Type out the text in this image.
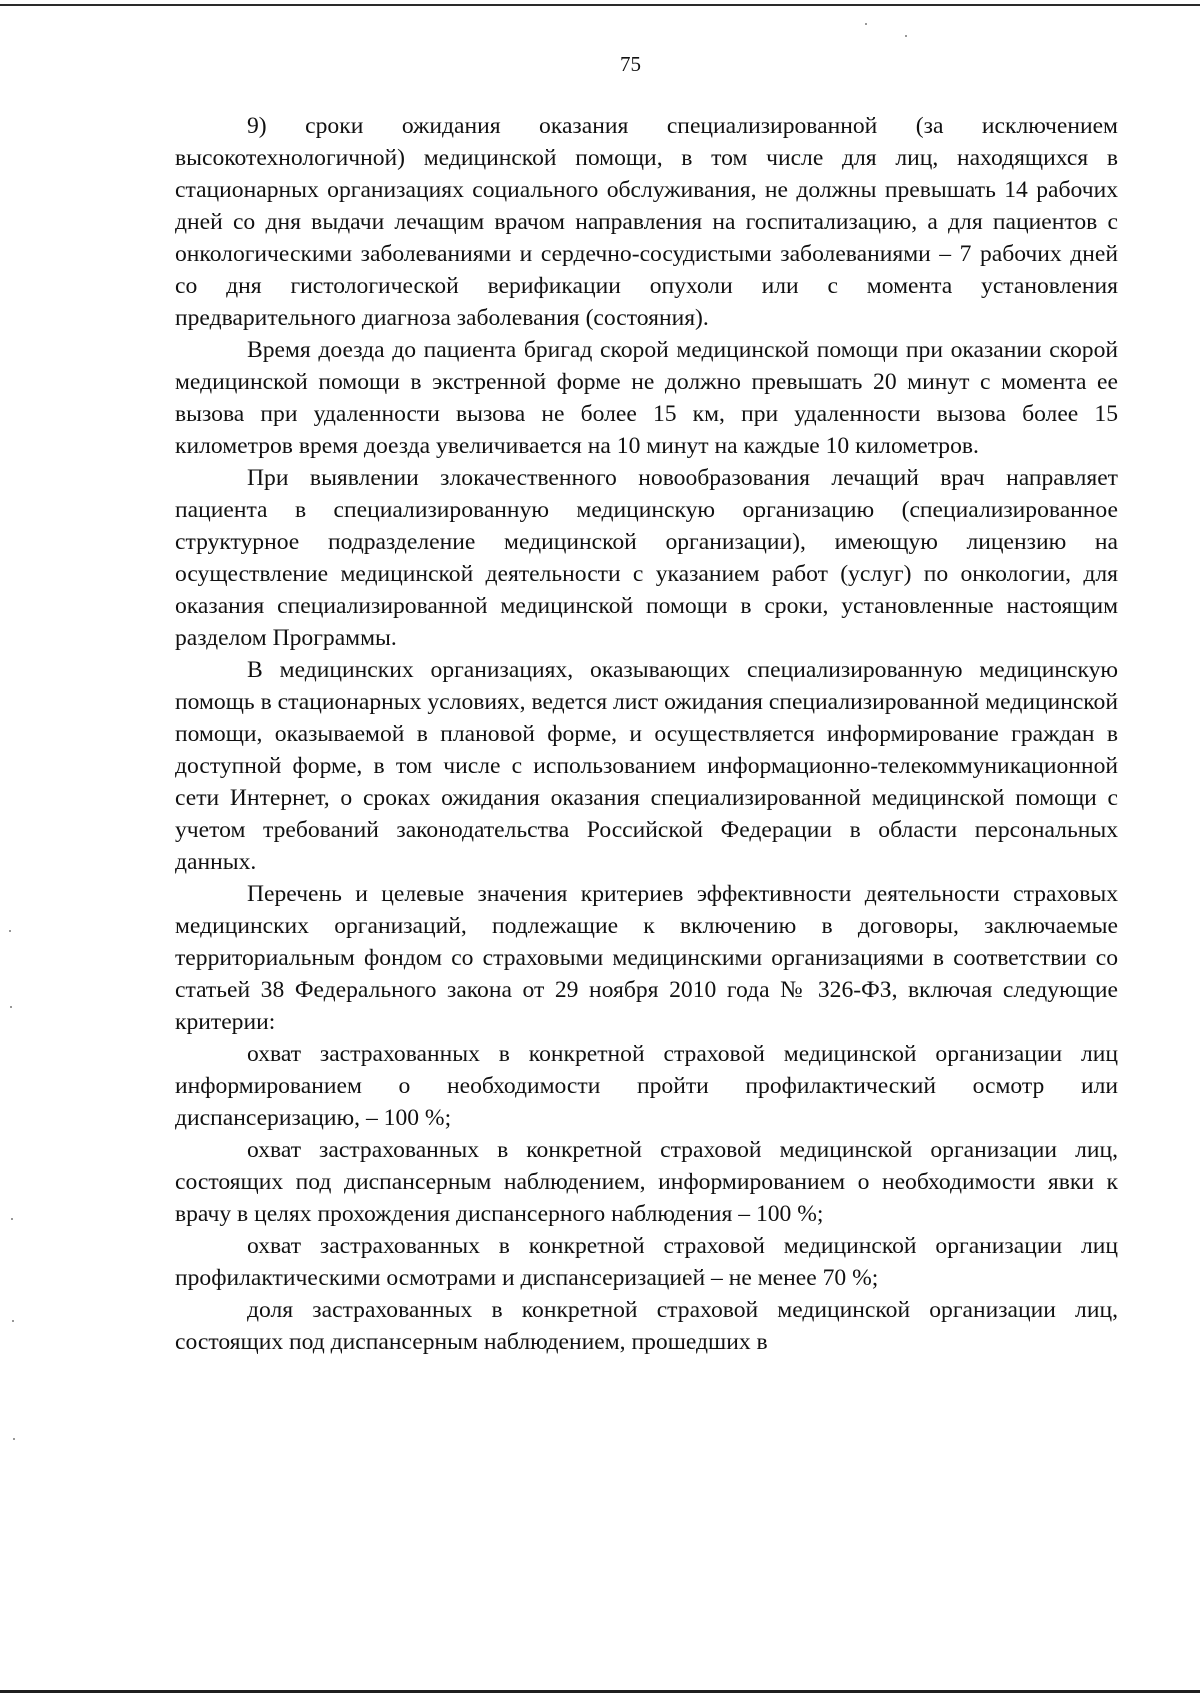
75

9) сроки ожидания оказания специализированной (за исключением высокотехнологичной) медицинской помощи, в том числе для лиц, находящихся в стационарных организациях социального обслуживания, не должны превышать 14 рабочих дней со дня выдачи лечащим врачом направления на госпитализацию, а для пациентов с онкологическими заболеваниями и сердечно-сосудистыми заболеваниями – 7 рабочих дней со дня гистологической верификации опухоли или с момента установления предварительного диагноза заболевания (состояния).

Время доезда до пациента бригад скорой медицинской помощи при оказании скорой медицинской помощи в экстренной форме не должно превышать 20 минут с момента ее вызова при удаленности вызова не более 15 км, при удаленности вызова более 15 километров время доезда увеличивается на 10 минут на каждые 10 километров.

При выявлении злокачественного новообразования лечащий врач направляет пациента в специализированную медицинскую организацию (специализированное структурное подразделение медицинской организации), имеющую лицензию на осуществление медицинской деятельности с указанием работ (услуг) по онкологии, для оказания специализированной медицинской помощи в сроки, установленные настоящим разделом Программы.

В медицинских организациях, оказывающих специализированную медицинскую помощь в стационарных условиях, ведется лист ожидания специализированной медицинской помощи, оказываемой в плановой форме, и осуществляется информирование граждан в доступной форме, в том числе с использованием информационно-телекоммуникационной сети Интернет, о сроках ожидания оказания специализированной медицинской помощи с учетом требований законодательства Российской Федерации в области персональных данных.

Перечень и целевые значения критериев эффективности деятельности страховых медицинских организаций, подлежащие к включению в договоры, заключаемые территориальным фондом со страховыми медицинскими организациями в соответствии со статьей 38 Федерального закона от 29 ноября 2010 года № 326-ФЗ, включая следующие критерии:

охват застрахованных в конкретной страховой медицинской организации лиц информированием о необходимости пройти профилактический осмотр или диспансеризацию, – 100 %;

охват застрахованных в конкретной страховой медицинской организации лиц, состоящих под диспансерным наблюдением, информированием о необходимости явки к врачу в целях прохождения диспансерного наблюдения – 100 %;

охват застрахованных в конкретной страховой медицинской организации лиц профилактическими осмотрами и диспансеризацией – не менее 70 %;

доля застрахованных в конкретной страховой медицинской организации лиц, состоящих под диспансерным наблюдением, прошедших в
